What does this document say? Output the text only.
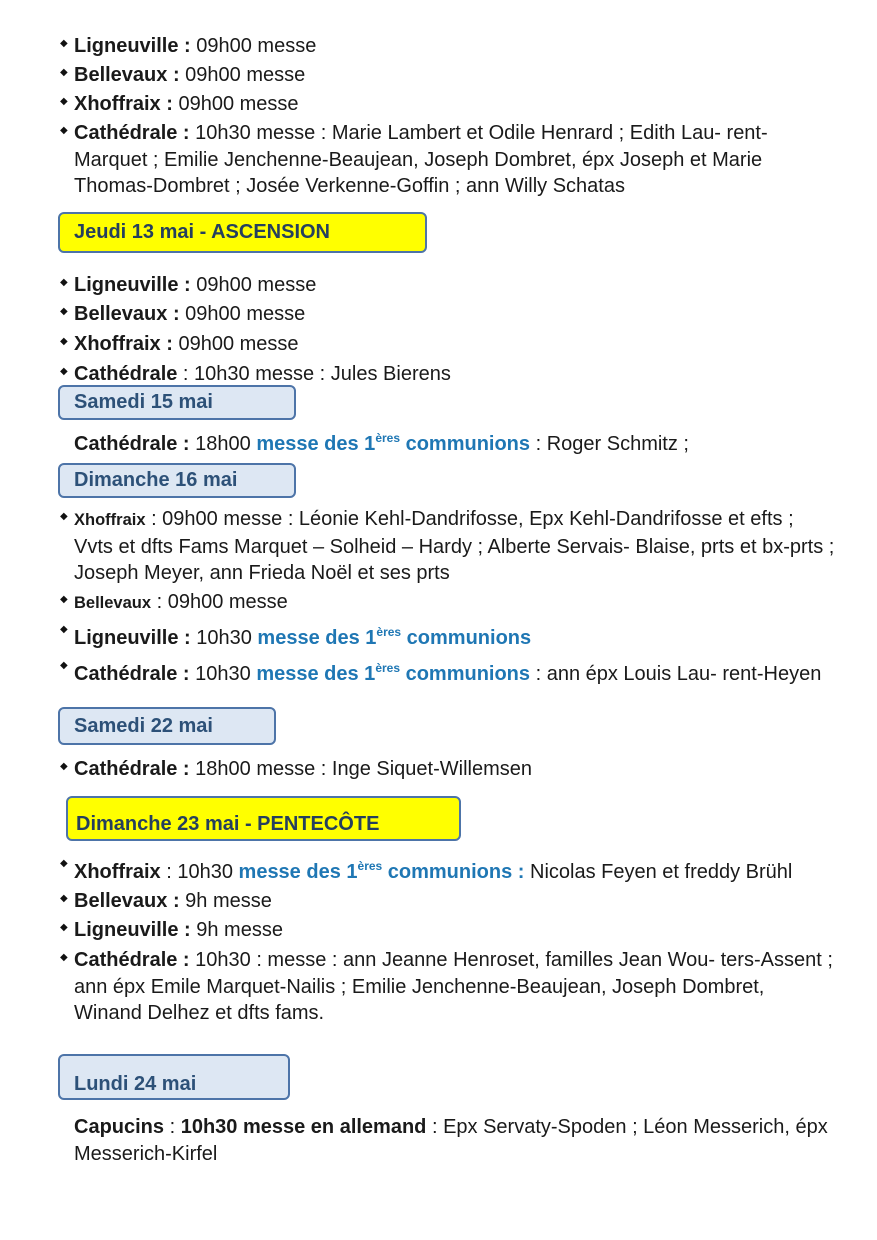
◆ Ligneuville : 09h00 messe
◆ Bellevaux : 09h00 messe
◆ Xhoffraix : 09h00 messe
◆ Cathédrale : 10h30 messe : Marie Lambert et Odile Henrard ; Edith Lau- rent-Marquet ; Emilie Jenchenne-Beaujean, Joseph Dombret, épx Joseph et Marie Thomas-Dombret ; Josée Verkenne-Goffin ; ann Willy Schatas
Jeudi 13 mai - ASCENSION
◆ Ligneuville : 09h00 messe
◆ Bellevaux : 09h00 messe
◆ Xhoffraix : 09h00 messe
◆ Cathédrale : 10h30 messe : Jules Bierens
Samedi 15 mai
Cathédrale : 18h00 messe des 1ères communions : Roger Schmitz ;
Dimanche 16 mai
◆ Xhoffraix : 09h00 messe : Léonie Kehl-Dandrifosse, Epx Kehl-Dandrifosse et efts ; Vvts et dfts Fams Marquet – Solheid – Hardy ; Alberte Servais- Blaise, prts et bx-prts ; Joseph Meyer, ann Frieda Noël et ses prts
◆ Bellevaux : 09h00 messe
◆ Ligneuville : 10h30 messe des 1ères communions
◆ Cathédrale : 10h30 messe des 1ères communions : ann épx Louis Lau- rent-Heyen
Samedi 22 mai
◆ Cathédrale : 18h00 messe : Inge Siquet-Willemsen
Dimanche 23 mai - PENTECÔTE
◆ Xhoffraix : 10h30 messe des 1ères communions : Nicolas Feyen et freddy Brühl
◆ Bellevaux : 9h messe
◆ Ligneuville : 9h messe
◆ Cathédrale : 10h30 : messe : ann Jeanne Henroset, familles Jean Wou- ters-Assent ; ann épx Emile Marquet-Nailis ; Emilie Jenchenne-Beaujean, Joseph Dombret, Winand Delhez et dfts fams.
Lundi 24 mai
Capucins : 10h30 messe en allemand : Epx Servaty-Spoden ; Léon Messerich, épx Messerich-Kirfel
